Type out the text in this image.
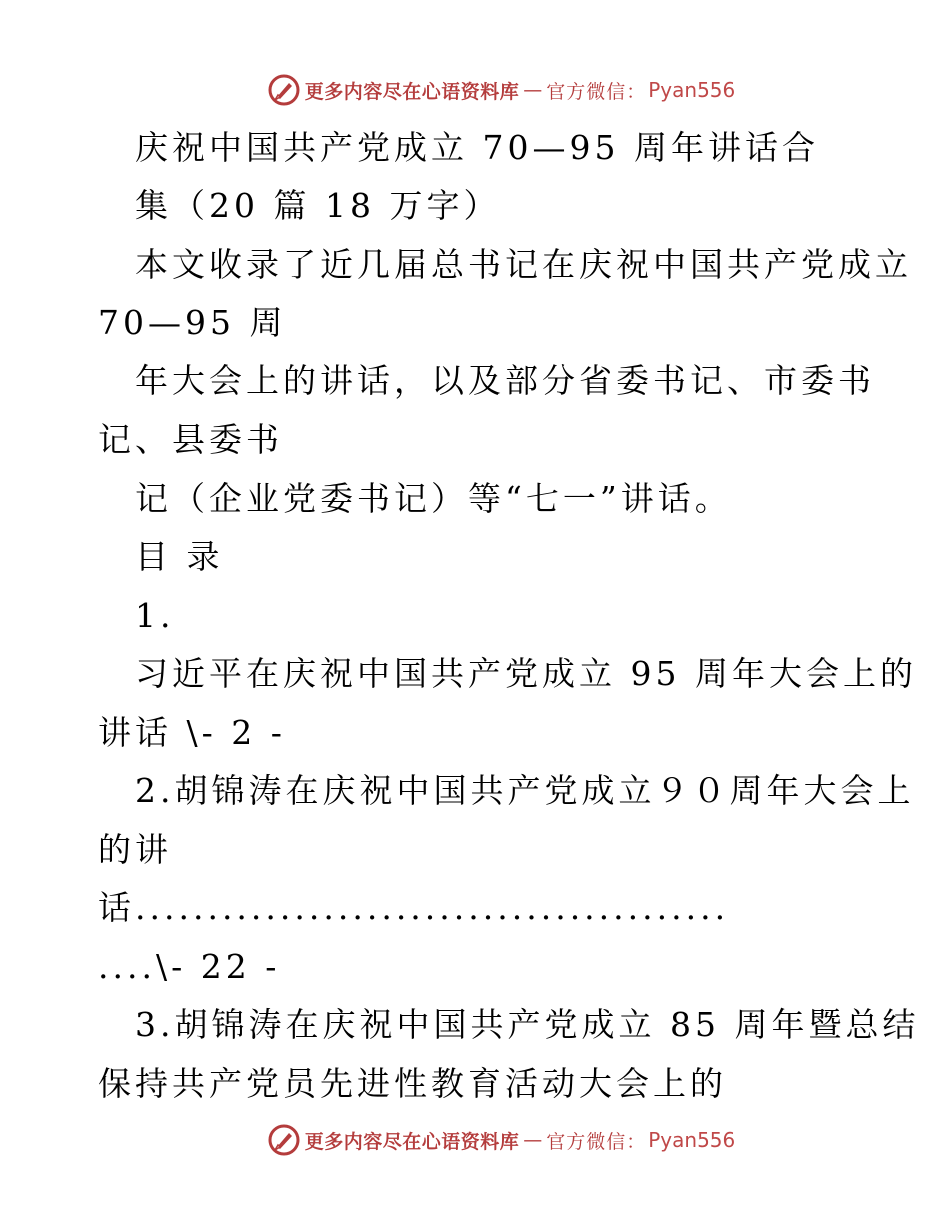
更多内容尽在心语资料库 — 官方微信： Pyan556
庆祝中国共产党成立 70—95 周年讲话合
集（20 篇 18 万字）
本文收录了近几届总书记在庆祝中国共产党成立
70—95 周
年大会上的讲话，以及部分省委书记、市委书
记、县委书
记（企业党委书记）等“七一”讲话。
目 录
1.
习近平在庆祝中国共产党成立 95 周年大会上的
讲话 \- 2 -
2.胡锦涛在庆祝中国共产党成立９０周年大会上
的讲
话.........................................
....\- 22 -
3.胡锦涛在庆祝中国共产党成立 85 周年暨总结
保持共产党员先进性教育活动大会上的
更多内容尽在心语资料库 — 官方微信： Pyan556
